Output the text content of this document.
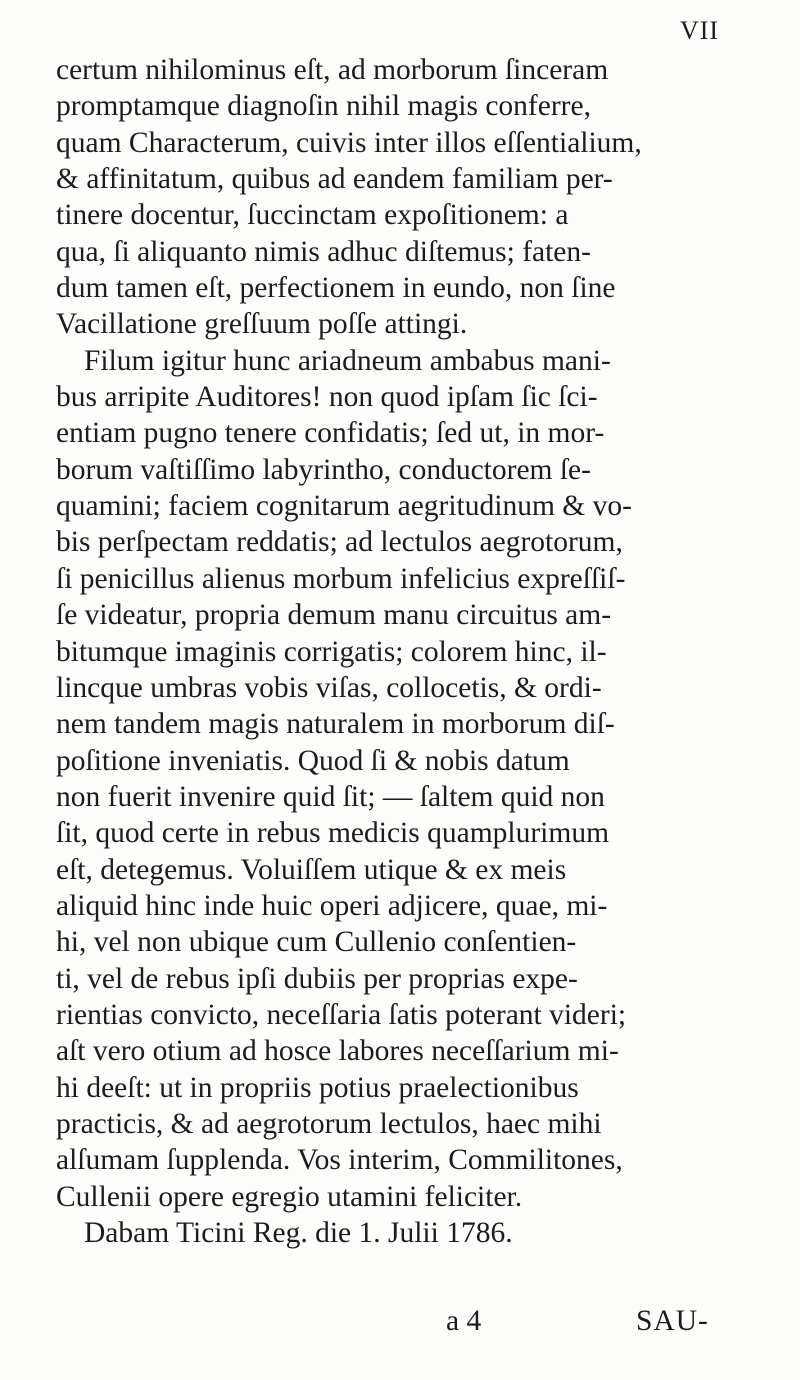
VII
certum nihilominus eſt, ad morborum ſinceram
promptamque diagnoſin nihil magis conferre,
quam Characterum, cuivis inter illos eſſentialium,
& affinitatum, quibus ad eandem familiam per-
tinere docentur, ſuccinctam expoſitionem: a
qua, ſi aliquanto nimis adhuc diſtemus; faten-
dum tamen eſt, perfectionem in eundo, non ſine
Vacillatione greſſuum poſſe attingi.
Filum igitur hunc ariadneum ambabus mani-
bus arripite Auditores! non quod ipſam ſic ſci-
entiam pugno tenere confidatis; ſed ut, in mor-
borum vaſtiſſimo labyrintho, conductorem ſe-
quamini; faciem cognitarum aegritudinum & vo-
bis perſpectam reddatis; ad lectulos aegrotorum,
ſi penicillus alienus morbum infelicius expreſſiſ-
ſe videatur, propria demum manu circuitus am-
bitumque imaginis corrigatis; colorem hinc, il-
lincque umbras vobis viſas, collocetis, & ordi-
nem tandem magis naturalem in morborum diſ-
poſitione inveniatis. Quod ſi & nobis datum
non fuerit invenire quid ſit; — ſaltem quid non
ſit, quod certe in rebus medicis quamplurimum
eſt, detegemus. Voluiſſem utique & ex meis
aliquid hinc inde huic operi adjicere, quae, mi-
hi, vel non ubique cum Cullenio conſentien-
ti, vel de rebus ipſi dubiis per proprias expe-
rientias convicto, neceſſaria ſatis poterant videri;
aſt vero otium ad hosce labores neceſſarium mi-
hi deeſt: ut in propriis potius praelectionibus
practicis, & ad aegrotorum lectulos, haec mihi
alſumam ſupplenda. Vos interim, Commilitones,
Cullenii opere egregio utamini feliciter.
Dabam Ticini Reg. die 1. Julii 1786.
a 4	SAU-
